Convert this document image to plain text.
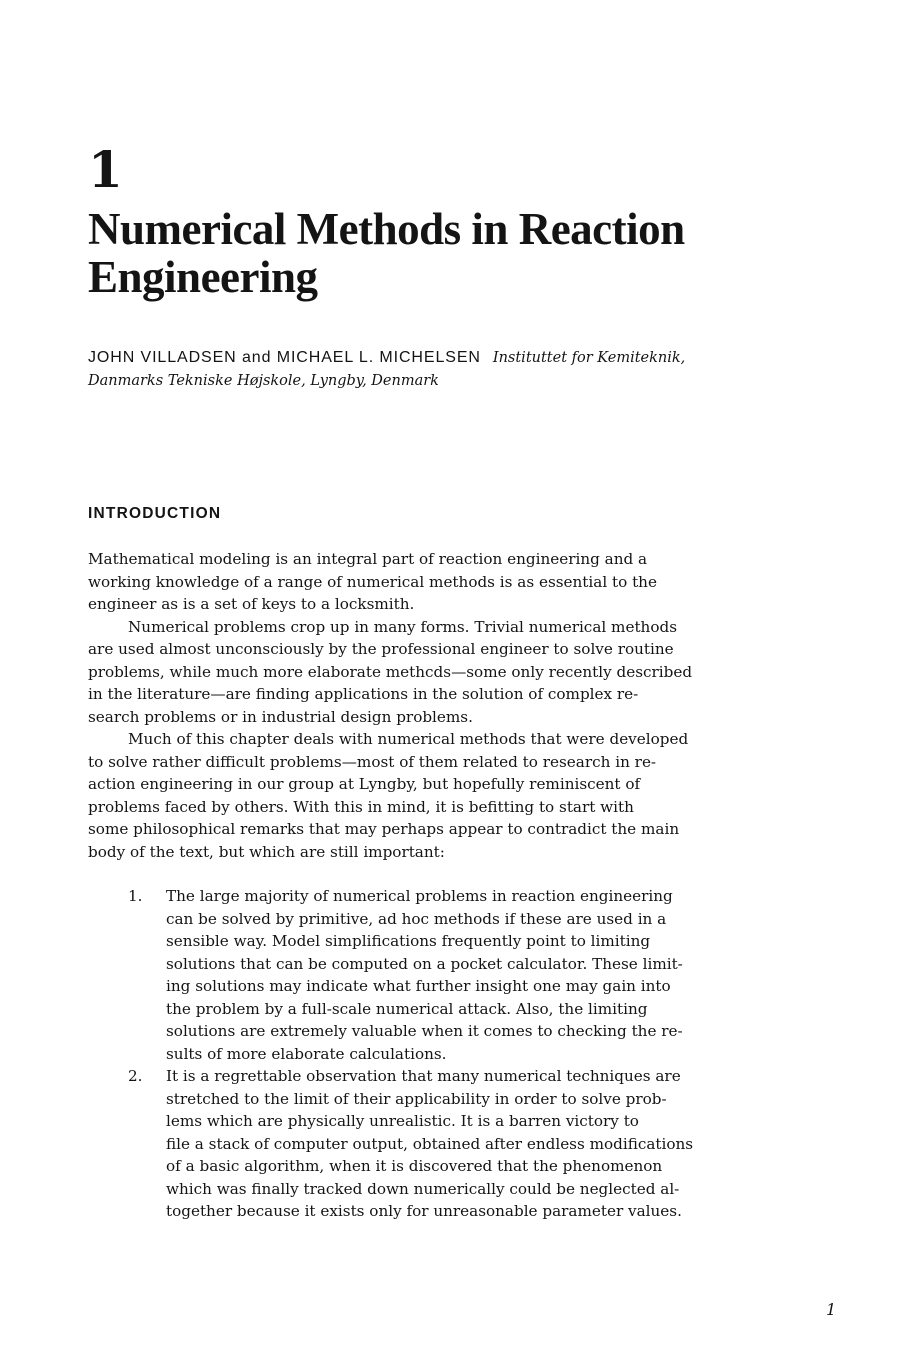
1
Numerical Methods in Reaction
Engineering
JOHN VILLADSEN and MICHAEL L. MICHELSEN Instituttet for Kemiteknik,
Danmarks Tekniske Højskole, Lyngby, Denmark
INTRODUCTION
Mathematical modeling is an integral part of reaction engineering and a
working knowledge of a range of numerical methods is as essential to the
engineer as is a set of keys to a locksmith.
Numerical problems crop up in many forms. Trivial numerical methods
are used almost unconsciously by the professional engineer to solve routine
problems, while much more elaborate methcds—some only recently described
in the literature—are finding applications in the solution of complex re-
search problems or in industrial design problems.
Much of this chapter deals with numerical methods that were developed
to solve rather difficult problems—most of them related to research in re-
action engineering in our group at Lyngby, but hopefully reminiscent of
problems faced by others. With this in mind, it is befitting to start with
some philosophical remarks that may perhaps appear to contradict the main
body of the text, but which are still important:
1. The large majority of numerical problems in reaction engineering
can be solved by primitive, ad hoc methods if these are used in a
sensible way. Model simplifications frequently point to limiting
solutions that can be computed on a pocket calculator. These limit-
ing solutions may indicate what further insight one may gain into
the problem by a full-scale numerical attack. Also, the limiting
solutions are extremely valuable when it comes to checking the re-
sults of more elaborate calculations.
2. It is a regrettable observation that many numerical techniques are
stretched to the limit of their applicability in order to solve prob-
lems which are physically unrealistic. It is a barren victory to
file a stack of computer output, obtained after endless modifications
of a basic algorithm, when it is discovered that the phenomenon
which was finally tracked down numerically could be neglected al-
together because it exists only for unreasonable parameter values.
1
